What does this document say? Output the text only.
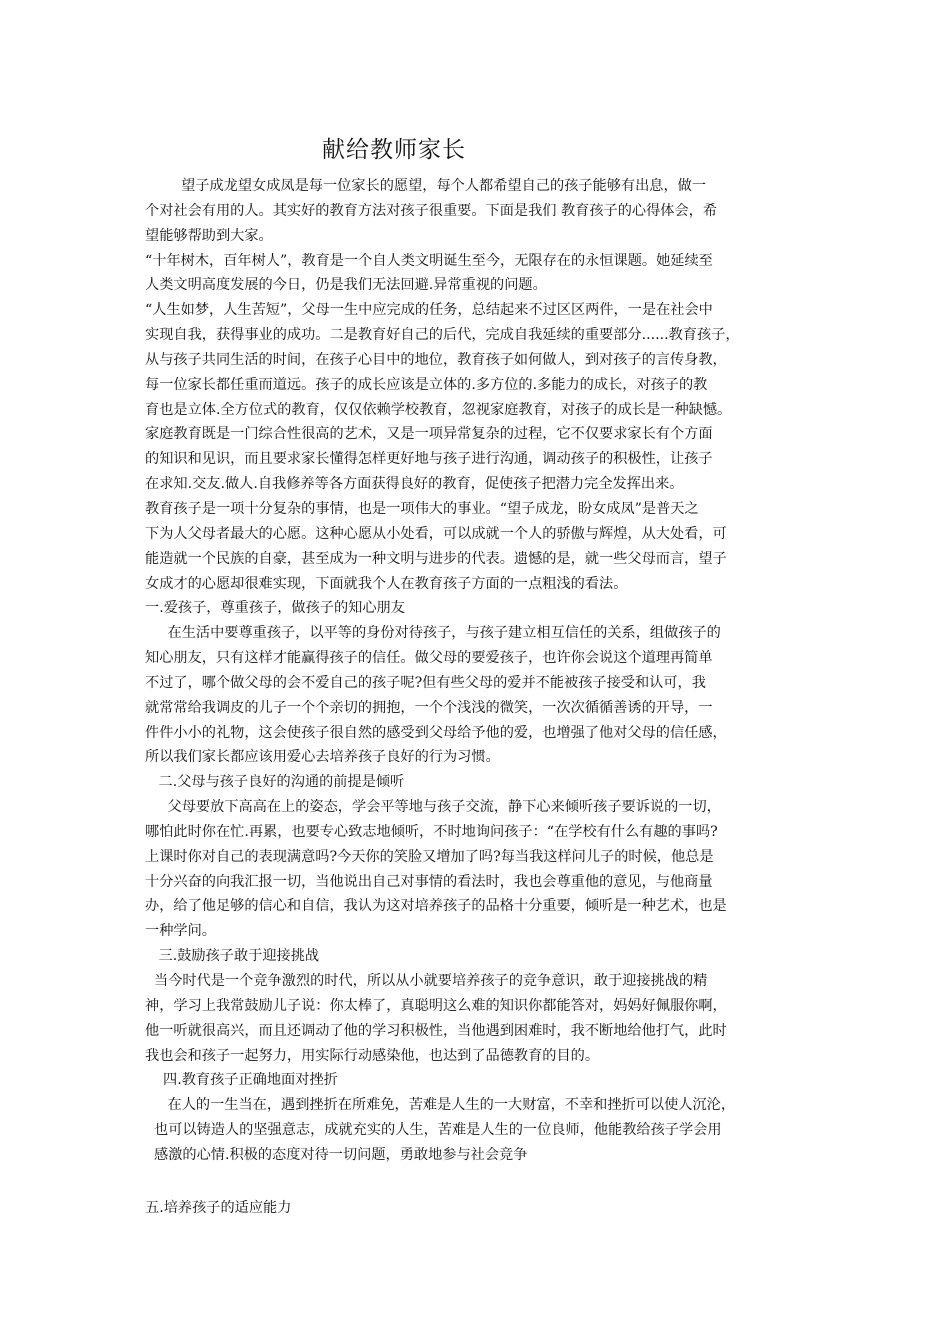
献给教师家长
望子成龙望女成凤是每一位家长的愿望，每个人都希望自己的孩子能够有出息，做一
个对社会有用的人。其实好的教育方法对孩子很重要。下面是我们 教育孩子的心得体会，希
望能够帮助到大家。
“十年树木，百年树人”，教育是一个自人类文明诞生至今，无限存在的永恒课题。她延续至
人类文明高度发展的今日，仍是我们无法回避.异常重视的问题。
“人生如梦，人生苦短”，父母一生中应完成的任务，总结起来不过区区两件，一是在社会中
实现自我，获得事业的成功。二是教育好自己的后代，完成自我延续的重要部分......教育孩子，
从与孩子共同生活的时间，在孩子心目中的地位，教育孩子如何做人，到对孩子的言传身教，
每一位家长都任重而道远。孩子的成长应该是立体的.多方位的.多能力的成长，对孩子的教
育也是立体.全方位式的教育，仅仅依赖学校教育，忽视家庭教育，对孩子的成长是一种缺憾。
家庭教育既是一门综合性很高的艺术，又是一项异常复杂的过程，它不仅要求家长有个方面
的知识和见识，而且要求家长懂得怎样更好地与孩子进行沟通，调动孩子的积极性，让孩子
在求知.交友.做人.自我修养等各方面获得良好的教育，促使孩子把潜力完全发挥出来。
教育孩子是一项十分复杂的事情，也是一项伟大的事业。“望子成龙，盼女成凤”是普天之
下为人父母者最大的心愿。这种心愿从小处看，可以成就一个人的骄傲与辉煌，从大处看，可
能造就一个民族的自豪，甚至成为一种文明与进步的代表。遗憾的是，就一些父母而言，望子
女成才的心愿却很难实现，下面就我个人在教育孩子方面的一点粗浅的看法。
一.爱孩子，尊重孩子，做孩子的知心朋友
在生活中要尊重孩子，以平等的身份对待孩子，与孩子建立相互信任的关系，组做孩子的
知心朋友，只有这样才能赢得孩子的信任。做父母的要爱孩子，也许你会说这个道理再简单
不过了，哪个做父母的会不爱自己的孩子呢?但有些父母的爱并不能被孩子接受和认可，我
就常常给我调皮的儿子一个个亲切的拥抱，一个个浅浅的微笑，一次次循循善诱的开导，一
件件小小的礼物，这会使孩子很自然的感受到父母给予他的爱，也增强了他对父母的信任感，
所以我们家长都应该用爱心去培养孩子良好的行为习惯。
二.父母与孩子良好的沟通的前提是倾听
父母要放下高高在上的姿态，学会平等地与孩子交流，静下心来倾听孩子要诉说的一切，
哪怕此时你在忙.再累，也要专心致志地倾听，不时地询问孩子：“在学校有什么有趣的事吗?
上课时你对自己的表现满意吗?今天你的笑脸又增加了吗?每当我这样问儿子的时候，他总是
十分兴奋的向我汇报一切，当他说出自己对事情的看法时，我也会尊重他的意见，与他商量
办，给了他足够的信心和自信，我认为这对培养孩子的品格十分重要，倾听是一种艺术，也是
一种学问。
三.鼓励孩子敢于迎接挑战
当今时代是一个竞争激烈的时代，所以从小就要培养孩子的竞争意识，敢于迎接挑战的精
神，学习上我常鼓励儿子说：你太棒了，真聪明这么难的知识你都能答对，妈妈好佩服你啊，
他一听就很高兴，而且还调动了他的学习积极性，当他遇到困难时，我不断地给他打气，此时
我也会和孩子一起努力，用实际行动感染他，也达到了品德教育的目的。
四.教育孩子正确地面对挫折
在人的一生当在，遇到挫折在所难免，苦难是人生的一大财富，不幸和挫折可以使人沉沦，
也可以铸造人的坚强意志，成就充实的人生，苦难是人生的一位良师，他能教给孩子学会用
感激的心情.积极的态度对待一切问题，勇敢地参与社会竞争
五.培养孩子的适应能力
